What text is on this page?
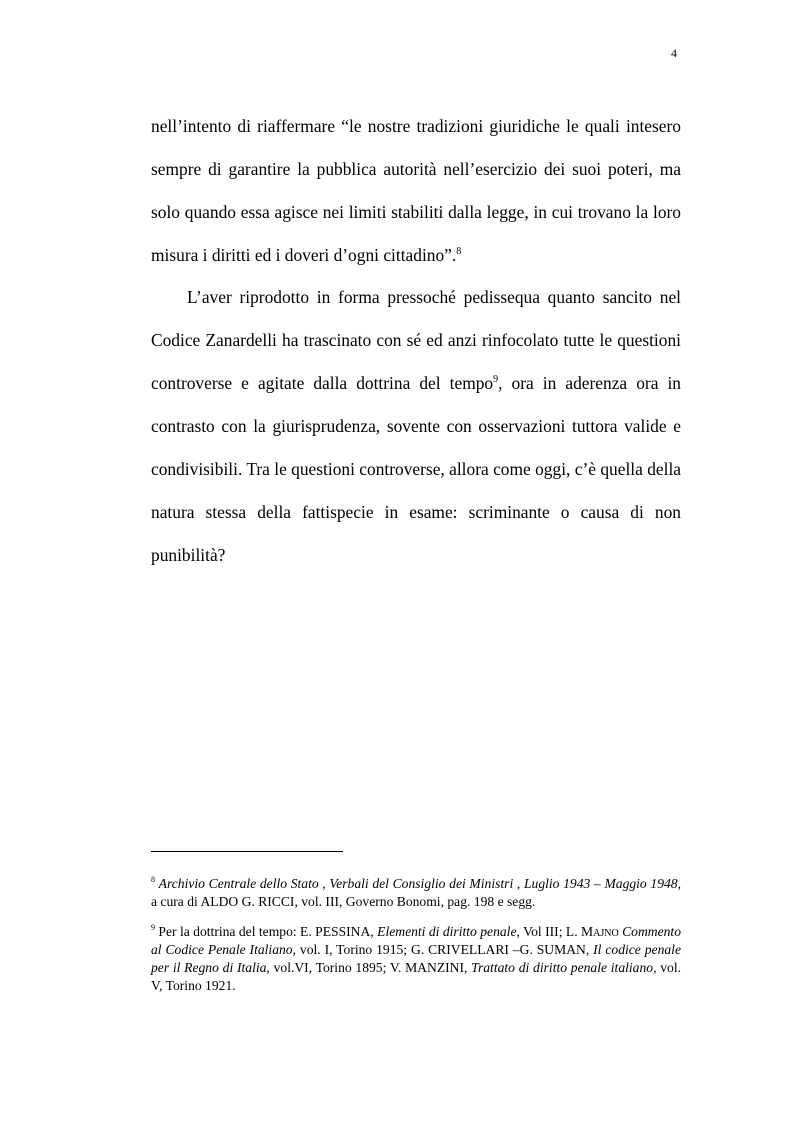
4

nell’intento di riaffermare “le nostre tradizioni giuridiche le quali intesero sempre di garantire la pubblica autorità nell’esercizio dei suoi poteri, ma solo quando essa agisce nei limiti stabiliti dalla legge, in cui trovano la loro misura i diritti ed i doveri d’ogni cittadino”.$^8$

L’aver riprodotto in forma pressoché pedissequa quanto sancito nel Codice Zanardelli ha trascinato con sé ed anzi rinfocolato tutte le questioni controverse e agitate dalla dottrina del tempo$^9$, ora in aderenza ora in contrasto con la giurisprudenza, sovente con osservazioni tuttora valide e condivisibili. Tra le questioni controverse, allora come oggi, c’è quella della natura stessa della fattispecie in esame: scriminante o causa di non punibilità?

$^8$ Archivio Centrale dello Stato , Verbali del Consiglio dei Ministri , Luglio 1943 – Maggio 1948, a cura di ALDO G. RICCI, vol. III, Governo Bonomi, pag. 198 e segg.

$^9$ Per la dottrina del tempo: E. PESSINA, Elementi di diritto penale, Vol III; L. Majno Commento al Codice Penale Italiano, vol. I, Torino 1915; G. CRIVELLARI –G. SUMAN, Il codice penale per il Regno di Italia, vol.VI, Torino 1895; V. MANZINI, Trattato di diritto penale italiano, vol. V, Torino 1921.
